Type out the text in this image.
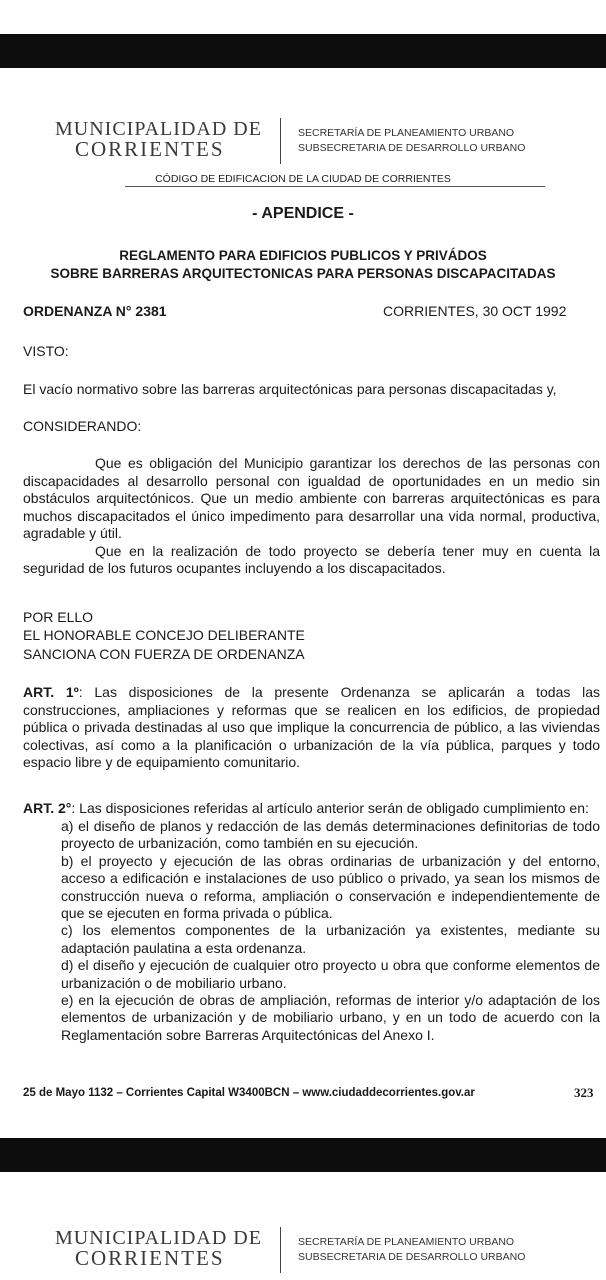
MUNICIPALIDAD DE
CORRIENTES
SECRETARÍA DE PLANEAMIENTO URBANO
SUBSECRETARIA DE DESARROLLO URBANO
CÓDIGO DE EDIFICACION DE LA CIUDAD DE CORRIENTES
- APENDICE -
REGLAMENTO PARA EDIFICIOS PUBLICOS Y PRIVÁDOS
SOBRE BARRERAS ARQUITECTONICAS PARA PERSONAS DISCAPACITADAS
ORDENANZA N° 2381	CORRIENTES, 30 OCT 1992
VISTO:
El vacío normativo sobre las barreras arquitectónicas para personas discapacitadas y,
CONSIDERANDO:

Que es obligación del Municipio garantizar los derechos de las personas con discapacidades al desarrollo personal con igualdad de oportunidades en un medio sin obstáculos arquitectónicos. Que un medio ambiente con barreras arquitectónicas es para muchos discapacitados el único impedimento para desarrollar una vida normal, productiva, agradable y útil.

Que en la realización de todo proyecto se debería tener muy en cuenta la seguridad de los futuros ocupantes incluyendo a los discapacitados.

POR ELLO
EL HONORABLE CONCEJO DELIBERANTE
SANCIONA CON FUERZA DE ORDENANZA

ART. 1º: Las disposiciones de la presente Ordenanza se aplicarán a todas las construcciones, ampliaciones y reformas que se realicen en los edificios, de propiedad pública o privada destinadas al uso que implique la concurrencia de público, a las viviendas colectivas, así como a la planificación o urbanización de la vía pública, parques y todo espacio libre y de equipamiento comunitario.

ART. 2°: Las disposiciones referidas al artículo anterior serán de obligado cumplimiento en:

a) el diseño de planos y redacción de las demás determinaciones definitorias de todo proyecto de urbanización, como también en su ejecución.

b) el proyecto y ejecución de las obras ordinarias de urbanización y del entorno, acceso a edificación e instalaciones de uso público o privado, ya sean los mismos de construcción nueva o reforma, ampliación o conservación e independientemente de que se ejecuten en forma privada o pública.

c) los elementos componentes de la urbanización ya existentes, mediante su adaptación paulatina a esta ordenanza.

d) el diseño y ejecución de cualquier otro proyecto u obra que conforme elementos de urbanización o de mobiliario urbano.

e) en la ejecución de obras de ampliación, reformas de interior y/o adaptación de los elementos de urbanización y de mobiliario urbano, y en un todo de acuerdo con la Reglamentación sobre Barreras Arquitectónicas del Anexo I.

25 de Mayo 1132 – Corrientes Capital W3400BCN – www.ciudaddecorrientes.gov.ar	323
MUNICIPALIDAD DE
CORRIENTES
SECRETARÍA DE PLANEAMIENTO URBANO
SUBSECRETARIA DE DESARROLLO URBANO
